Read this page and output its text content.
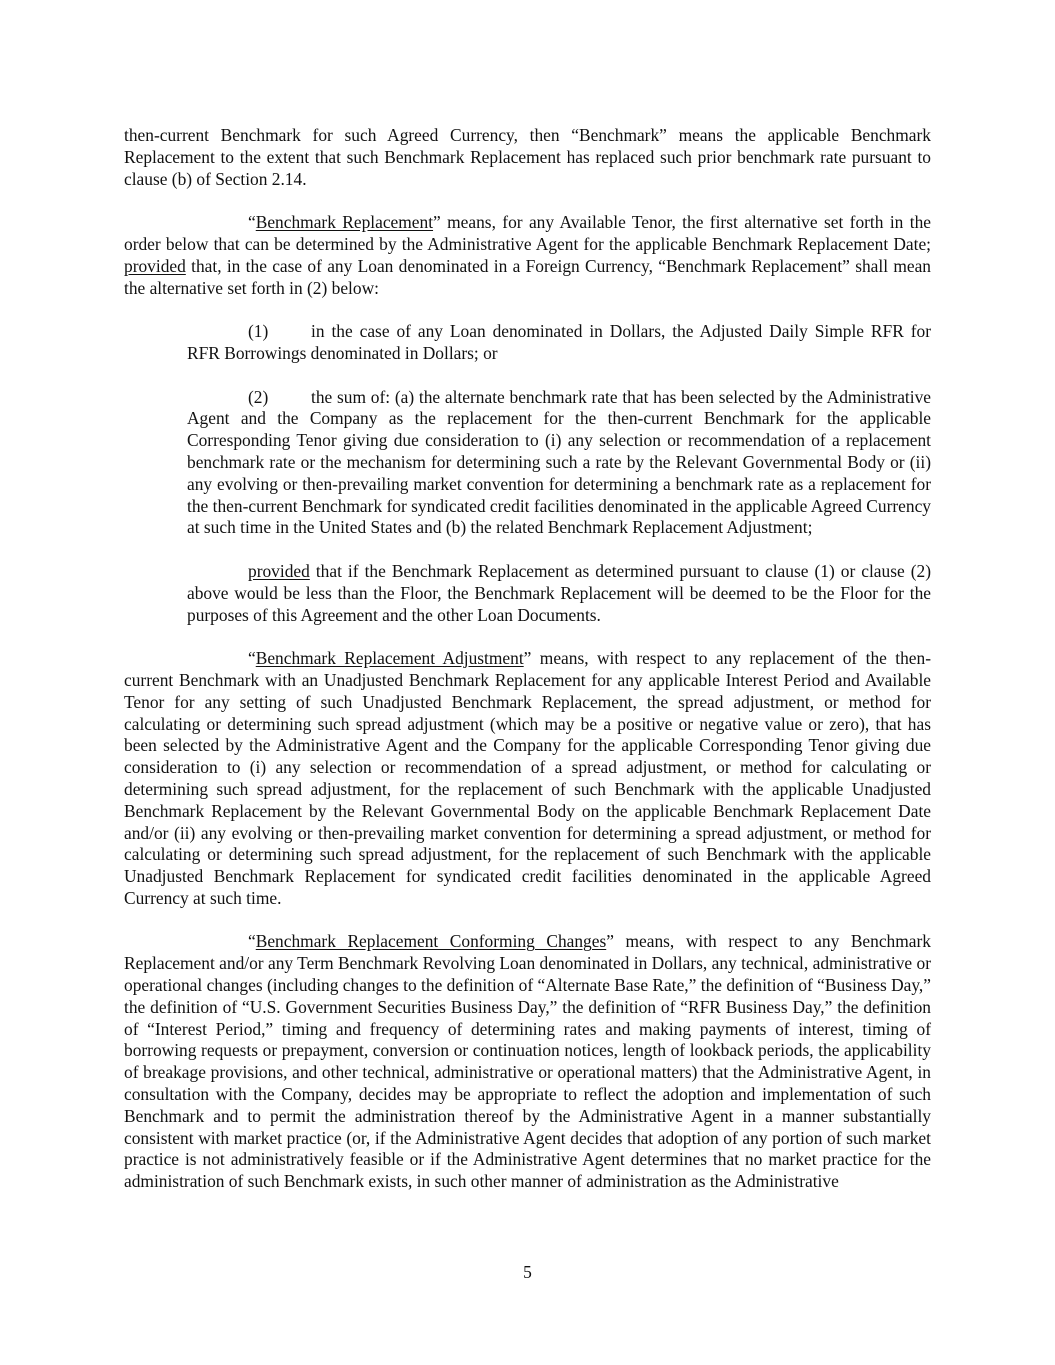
then-current Benchmark for such Agreed Currency, then “Benchmark” means the applicable Benchmark Replacement to the extent that such Benchmark Replacement has replaced such prior benchmark rate pursuant to clause (b) of Section 2.14.

“Benchmark Replacement” means, for any Available Tenor, the first alternative set forth in the order below that can be determined by the Administrative Agent for the applicable Benchmark Replacement Date; provided that, in the case of any Loan denominated in a Foreign Currency, “Benchmark Replacement” shall mean the alternative set forth in (2) below:

(1) in the case of any Loan denominated in Dollars, the Adjusted Daily Simple RFR for RFR Borrowings denominated in Dollars; or

(2) the sum of: (a) the alternate benchmark rate that has been selected by the Administrative Agent and the Company as the replacement for the then-current Benchmark for the applicable Corresponding Tenor giving due consideration to (i) any selection or recommendation of a replacement benchmark rate or the mechanism for determining such a rate by the Relevant Governmental Body or (ii) any evolving or then-prevailing market convention for determining a benchmark rate as a replacement for the then-current Benchmark for syndicated credit facilities denominated in the applicable Agreed Currency at such time in the United States and (b) the related Benchmark Replacement Adjustment;

provided that if the Benchmark Replacement as determined pursuant to clause (1) or clause (2) above would be less than the Floor, the Benchmark Replacement will be deemed to be the Floor for the purposes of this Agreement and the other Loan Documents.

“Benchmark Replacement Adjustment” means, with respect to any replacement of the then-current Benchmark with an Unadjusted Benchmark Replacement for any applicable Interest Period and Available Tenor for any setting of such Unadjusted Benchmark Replacement, the spread adjustment, or method for calculating or determining such spread adjustment (which may be a positive or negative value or zero), that has been selected by the Administrative Agent and the Company for the applicable Corresponding Tenor giving due consideration to (i) any selection or recommendation of a spread adjustment, or method for calculating or determining such spread adjustment, for the replacement of such Benchmark with the applicable Unadjusted Benchmark Replacement by the Relevant Governmental Body on the applicable Benchmark Replacement Date and/or (ii) any evolving or then-prevailing market convention for determining a spread adjustment, or method for calculating or determining such spread adjustment, for the replacement of such Benchmark with the applicable Unadjusted Benchmark Replacement for syndicated credit facilities denominated in the applicable Agreed Currency at such time.

“Benchmark Replacement Conforming Changes” means, with respect to any Benchmark Replacement and/or any Term Benchmark Revolving Loan denominated in Dollars, any technical, administrative or operational changes (including changes to the definition of “Alternate Base Rate,” the definition of “Business Day,” the definition of “U.S. Government Securities Business Day,” the definition of “RFR Business Day,” the definition of “Interest Period,” timing and frequency of determining rates and making payments of interest, timing of borrowing requests or prepayment, conversion or continuation notices, length of lookback periods, the applicability of breakage provisions, and other technical, administrative or operational matters) that the Administrative Agent, in consultation with the Company, decides may be appropriate to reflect the adoption and implementation of such Benchmark and to permit the administration thereof by the Administrative Agent in a manner substantially consistent with market practice (or, if the Administrative Agent decides that adoption of any portion of such market practice is not administratively feasible or if the Administrative Agent determines that no market practice for the administration of such Benchmark exists, in such other manner of administration as the Administrative

5
